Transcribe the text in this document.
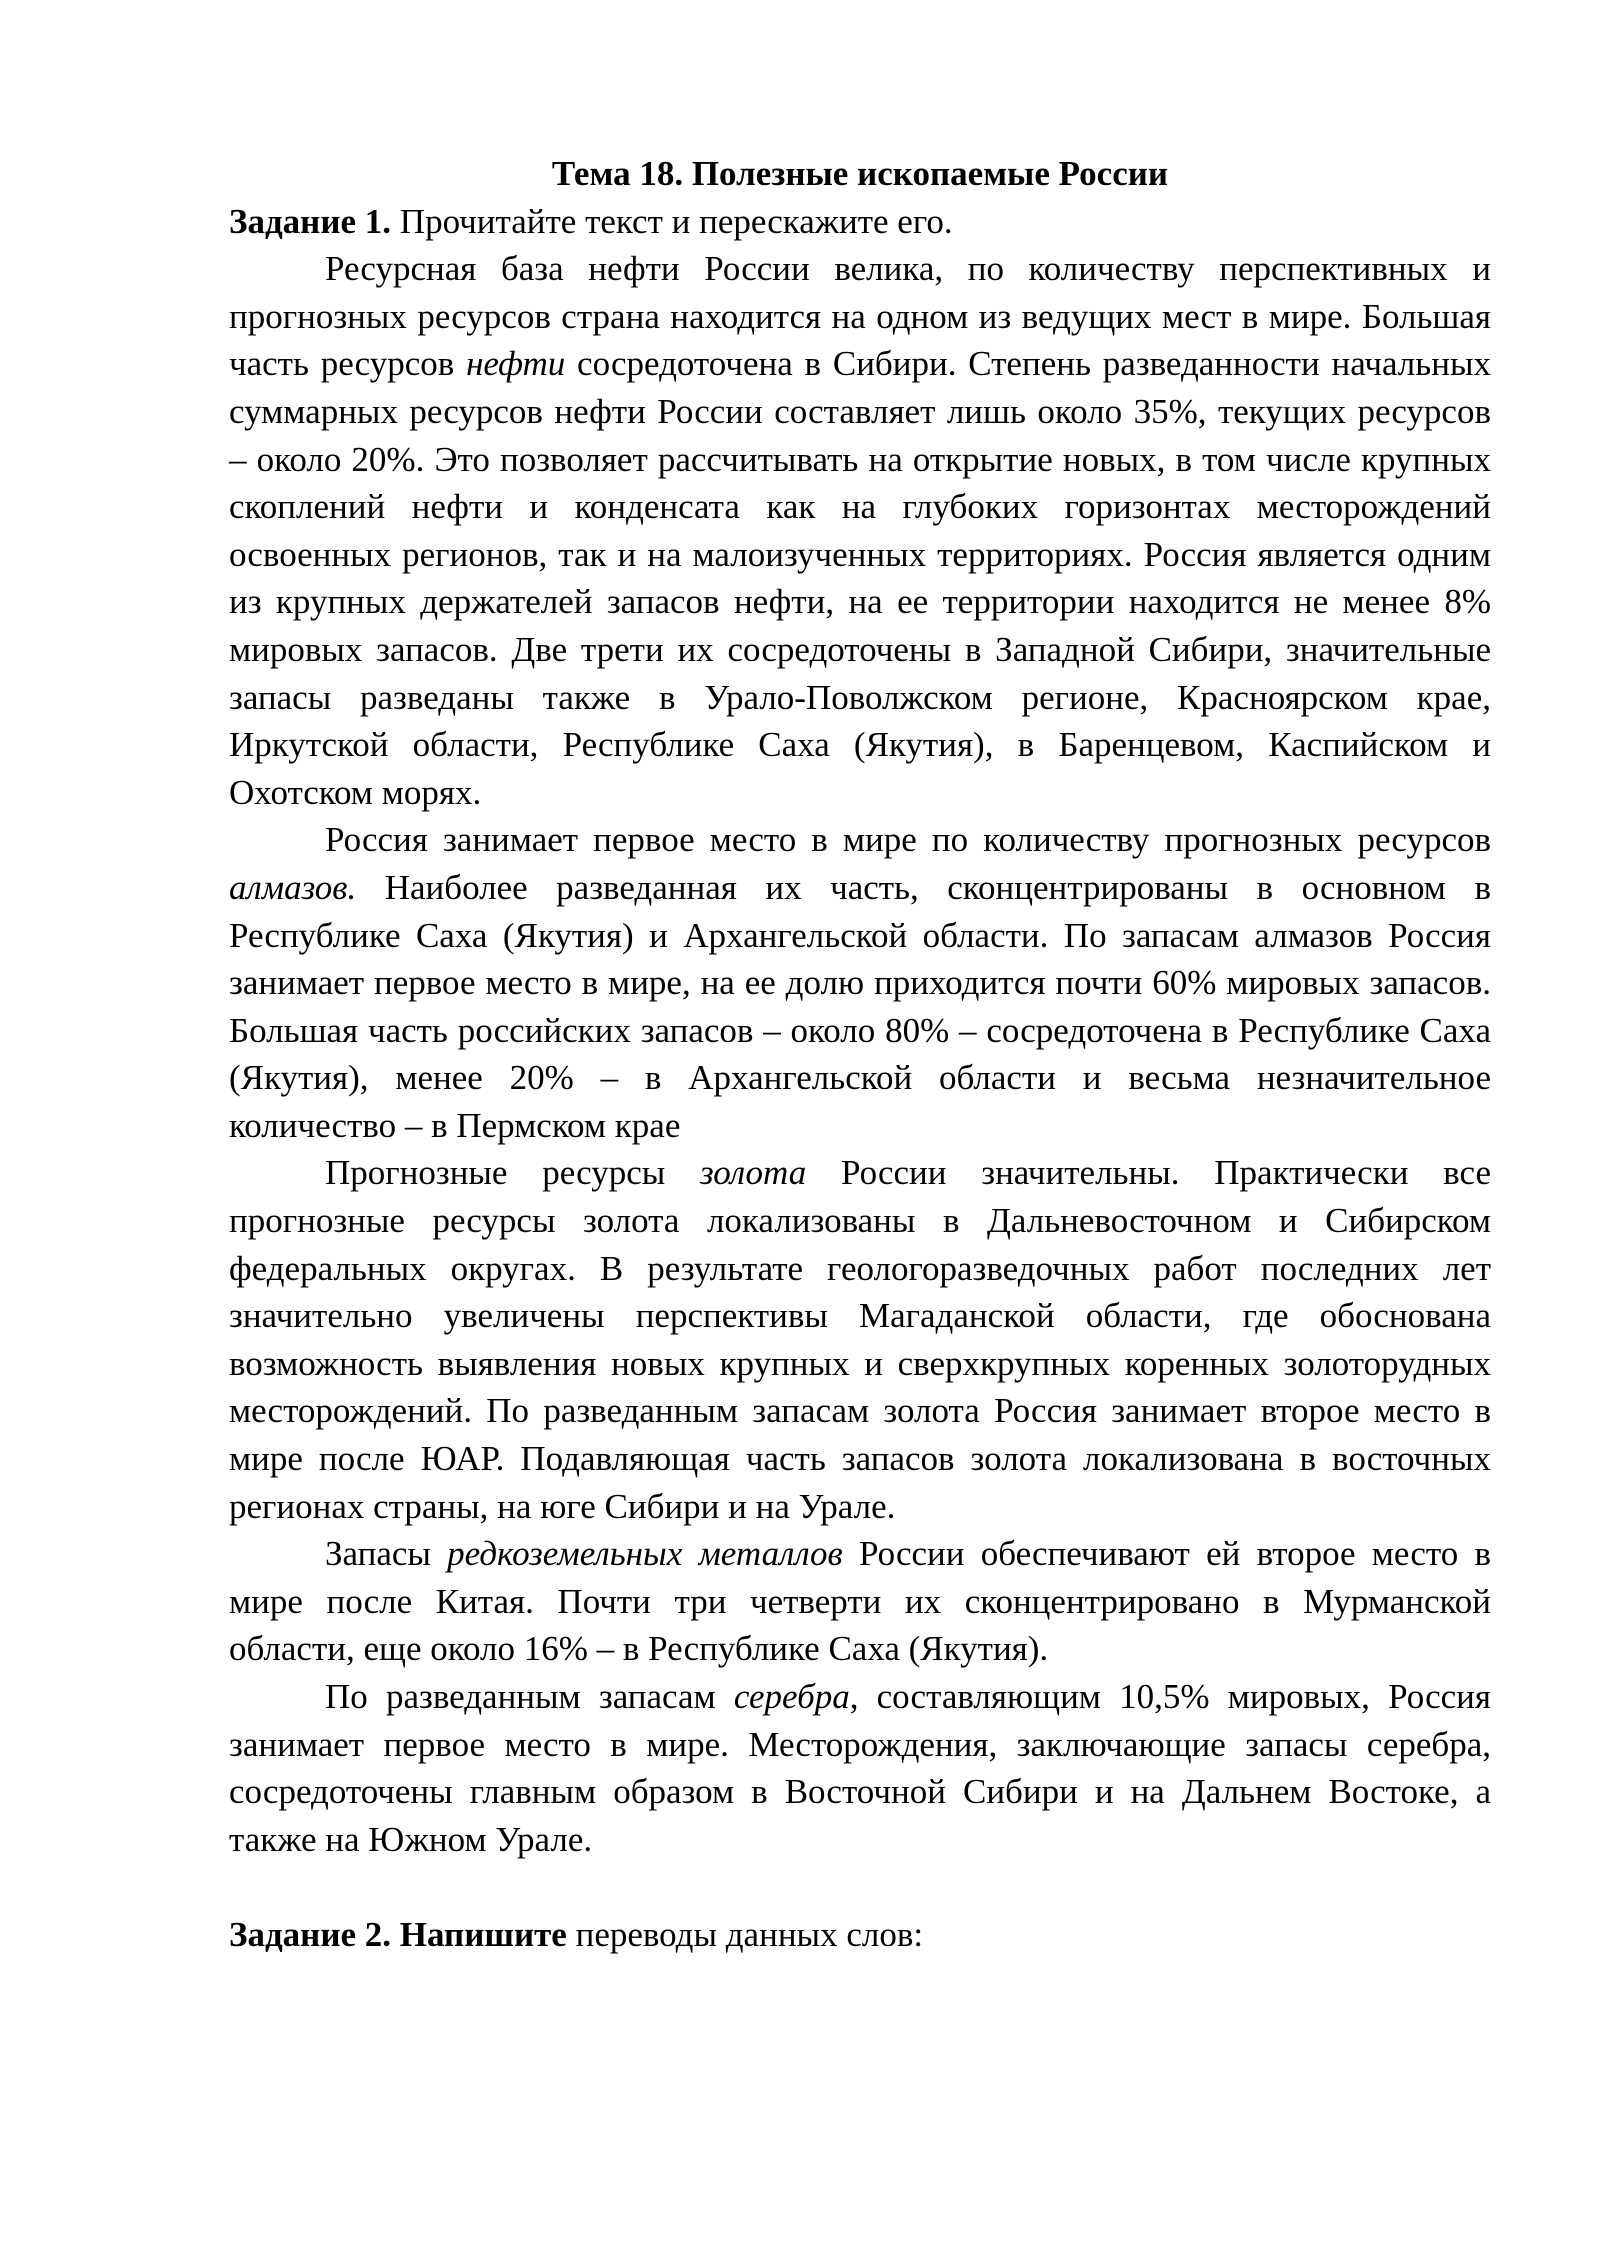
Тема 18. Полезные ископаемые России

Задание 1. Прочитайте текст и перескажите его.

Ресурсная база нефти России велика, по количеству перспективных и прогнозных ресурсов страна находится на одном из ведущих мест в мире. Большая часть ресурсов нефти сосредоточена в Сибири. Степень разведанности начальных суммарных ресурсов нефти России составляет лишь около 35%, текущих ресурсов – около 20%. Это позволяет рассчитывать на открытие новых, в том числе крупных скоплений нефти и конденсата как на глубоких горизонтах месторождений освоенных регионов, так и на малоизученных территориях. Россия является одним из крупных держателей запасов нефти, на ее территории находится не менее 8% мировых запасов. Две трети их сосредоточены в Западной Сибири, значительные запасы разведаны также в Урало-Поволжском регионе, Красноярском крае, Иркутской области, Республике Саха (Якутия), в Баренцевом, Каспийском и Охотском морях.

Россия занимает первое место в мире по количеству прогнозных ресурсов алмазов. Наиболее разведанная их часть, сконцентрированы в основном в Республике Саха (Якутия) и Архангельской области. По запасам алмазов Россия занимает первое место в мире, на ее долю приходится почти 60% мировых запасов. Большая часть российских запасов – около 80% – сосредоточена в Республике Саха (Якутия), менее 20% – в Архангельской области и весьма незначительное количество – в Пермском крае

Прогнозные ресурсы золота России значительны. Практически все прогнозные ресурсы золота локализованы в Дальневосточном и Сибирском федеральных округах. В результате геологоразведочных работ последних лет значительно увеличены перспективы Магаданской области, где обоснована возможность выявления новых крупных и сверхкрупных коренных золоторудных месторождений. По разведанным запасам золота Россия занимает второе место в мире после ЮАР. Подавляющая часть запасов золота локализована в восточных регионах страны, на юге Сибири и на Урале.

Запасы редкоземельных металлов России обеспечивают ей второе место в мире после Китая. Почти три четверти их сконцентрировано в Мурманской области, еще около 16% – в Республике Саха (Якутия).

По разведанным запасам серебра, составляющим 10,5% мировых, Россия занимает первое место в мире. Месторождения, заключающие запасы серебра, сосредоточены главным образом в Восточной Сибири и на Дальнем Востоке, а также на Южном Урале.

Задание 2. Напишите переводы данных слов:
